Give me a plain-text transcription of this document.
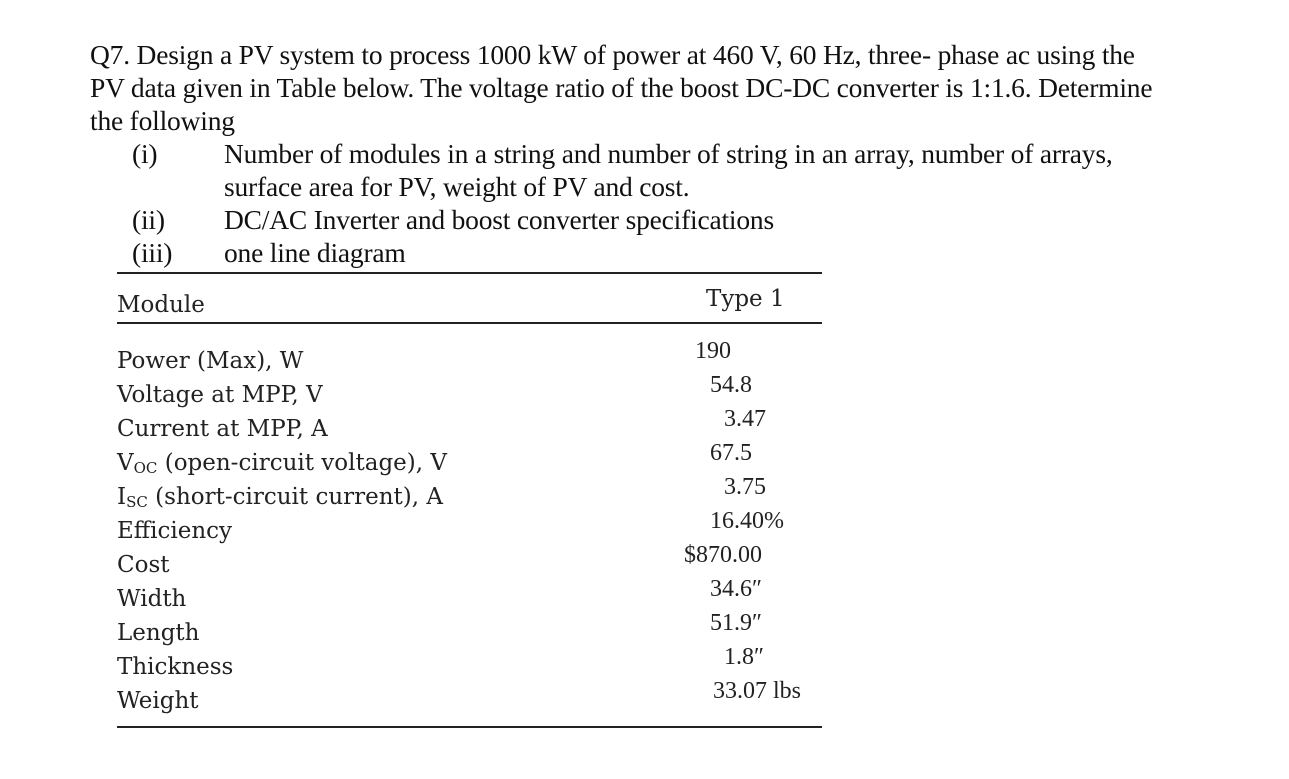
Q7. Design a PV system to process 1000 kW of power at 460 V, 60 Hz, three- phase ac using the

PV data given in Table below. The voltage ratio of the boost DC-DC converter is 1:1.6. Determine

the following

(i)	Number of modules in a string and number of string in an array, number of arrays,
surface area for PV, weight of PV and cost.
(ii)	DC/AC Inverter and boost converter specifications
(iii) one line diagram
Module	Type 1
Power (Max), W	190
Voltage at MPP, V	54.8
Current at MPP, A	3.47
$V_{OC}$ (open-circuit voltage), V	67.5
$I_{SC}$ (short-circuit current), A	3.75
Efficiency	16.40%
Cost	$870.00
Width	34.6″
Length	51.9″
Thickness	1.8″
Weight	33.07 lbs
